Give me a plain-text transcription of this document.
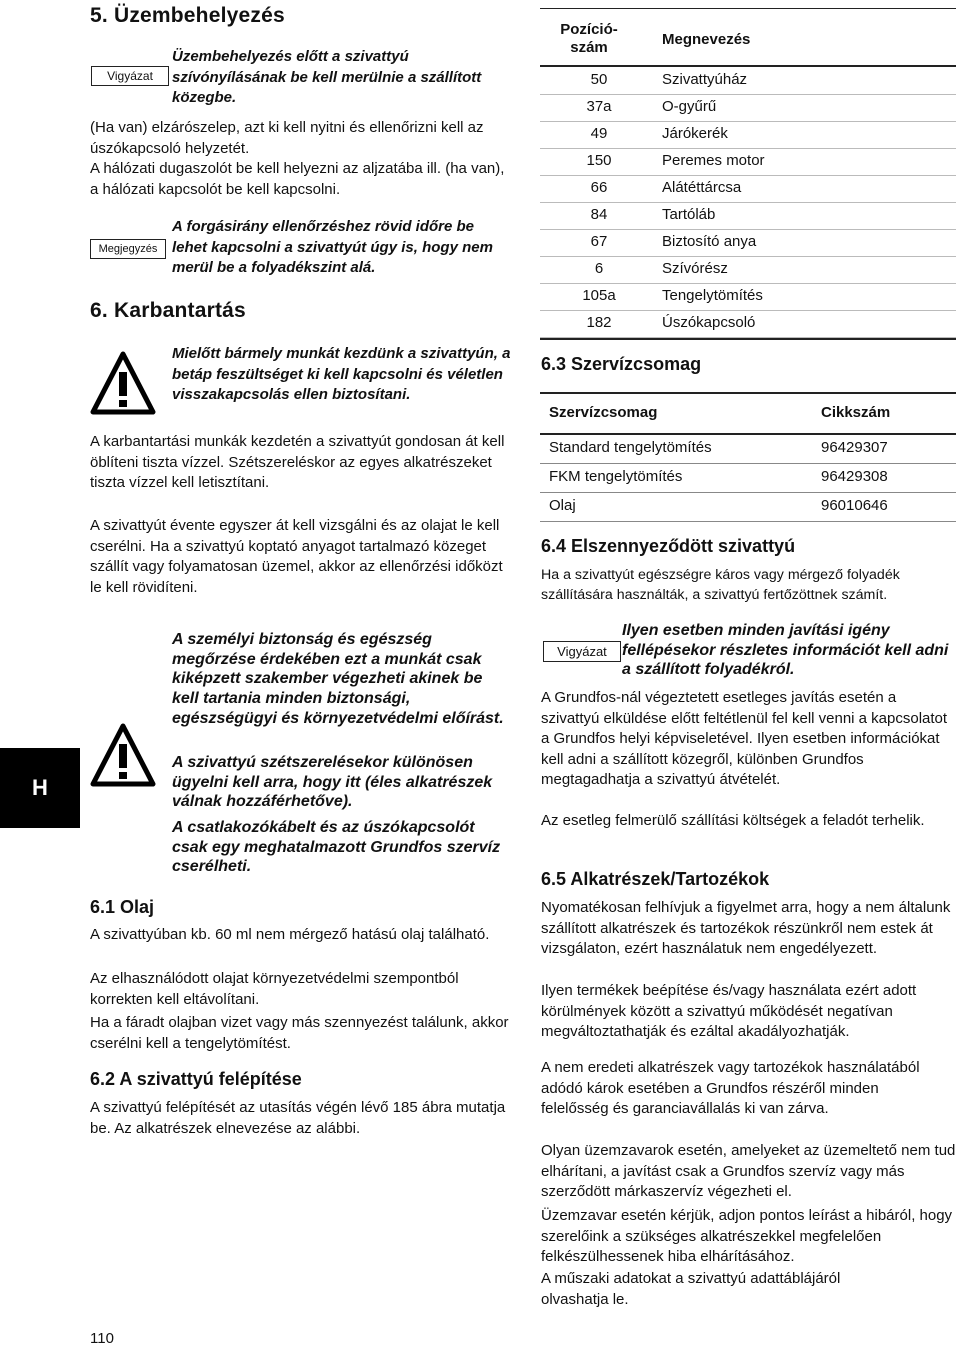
5. Üzembehelyezés
Vigyázat

Üzembehelyezés előtt a szivattyú szívónyílásának be kell merülnie a szállított közegbe.

(Ha van) elzárószelep, azt ki kell nyitni és ellenőrizni kell az úszókapcsoló helyzetét.

A hálózati dugaszolót be kell helyezni az aljzatába ill. (ha van), a hálózati kapcsolót be kell kapcsolni.

Megjegyzés

A forgásirány ellenőrzéshez rövid időre be lehet kapcsolni a szivattyút úgy is, hogy nem merül be a folyadékszint alá.

6. Karbantartás

Mielőtt bármely munkát kezdünk a szivattyún, a betáp feszültséget ki kell kapcsolni és véletlen visszakapcsolás ellen biztosítani.

A karbantartási munkák kezdetén a szivattyút gondosan át kell öblíteni tiszta vízzel. Szétszereléskor az egyes alkatrészeket tiszta vízzel kell letisztítani.

A szivattyút évente egyszer át kell vizsgálni és az olajat le kell cserélni. Ha a szivattyú koptató anyagot tartalmazó közeget szállít vagy folyamatosan üzemel, akkor az ellenőrzési időközt le kell rövidíteni.

A személyi biztonság és egészség megőrzése érdekében ezt a munkát csak kiképzett szakember végezheti akinek be kell tartania minden biztonsági, egészségügyi és környezetvédelmi előírást.

A szivattyú szétszerelésekor különösen ügyelni kell arra, hogy itt (éles alkatrészek válnak hozzáférhetőve).

A csatlakozókábelt és az úszókapcsolót csak egy meghatalmazott Grundfos szervíz cserélheti.

6.1 Olaj

A szivattyúban kb. 60 ml nem mérgező hatású olaj található.

Az elhasználódott olajat környezetvédelmi szempontból korrekten kell eltávolítani.

Ha a fáradt olajban vizet vagy más szennyezést találunk, akkor cserélni kell a tengelytömítést.

6.2 A szivattyú felépítése

A szivattyú felépítését az utasítás végén lévő 185 ábra mutatja be. Az alkatrészek elnevezése az alábbi.

H
110
Pozíció-szám	Megnevezés
50	Szivattyúház
37a	O-gyűrű
49	Járókerék
150	Peremes motor
66	Alátéttárcsa
84	Tartóláb
67	Biztosító anya
6	Szívórész
105a	Tengelytömítés
182	Úszókapcsoló
6.3 Szervízcsomag
Szervízcsomag	Cikkszám
Standard tengelytömítés	96429307
FKM tengelytömítés	96429308
Olaj	96010646
6.4 Elszennyeződött szivattyú

Ha a szivattyút egészségre káros vagy mérgező folyadék szállítására használták, a szivattyú fertőzöttnek számít.

Vigyázat

Ilyen esetben minden javítási igény fellépésekor részletes információt kell adni a szállított folyadékról.

A Grundfos-nál végeztetett esetleges javítás esetén a szivattyú elküldése előtt feltétlenül fel kell venni a kapcsolatot a Grundfos helyi képviseletével. Ilyen esetben információkat kell adni a szállított közegről, különben Grundfos megtagadhatja a szivattyú átvételét.

Az esetleg felmerülő szállítási költségek a feladót terhelik.

6.5 Alkatrészek/Tartozékok

Nyomatékosan felhívjuk a figyelmet arra, hogy a nem általunk szállított alkatrészek és tartozékok részünkről nem estek át vizsgálaton, ezért használatuk nem engedélyezett.

Ilyen termékek beépítése és/vagy használata ezért adott körülmények között a szivattyú működését negatívan megváltoztathatják és ezáltal akadályozhatják.

A nem eredeti alkatrészek vagy tartozékok használatából adódó károk esetében a Grundfos részéről minden felelősség és garanciavállalás ki van zárva.

Olyan üzemzavarok esetén, amelyeket az üzemeltető nem tud elhárítani, a javítást csak a Grundfos szervíz vagy más szerződött márkaszervíz végezheti el.

Üzemzavar esetén kérjük, adjon pontos leírást a hibáról, hogy szerelőink a szükséges alkatrészekkel megfelelően felkészülhessenek hiba elhárításához.

A műszaki adatokat a szivattyú adattáblájáról olvashatja le.
